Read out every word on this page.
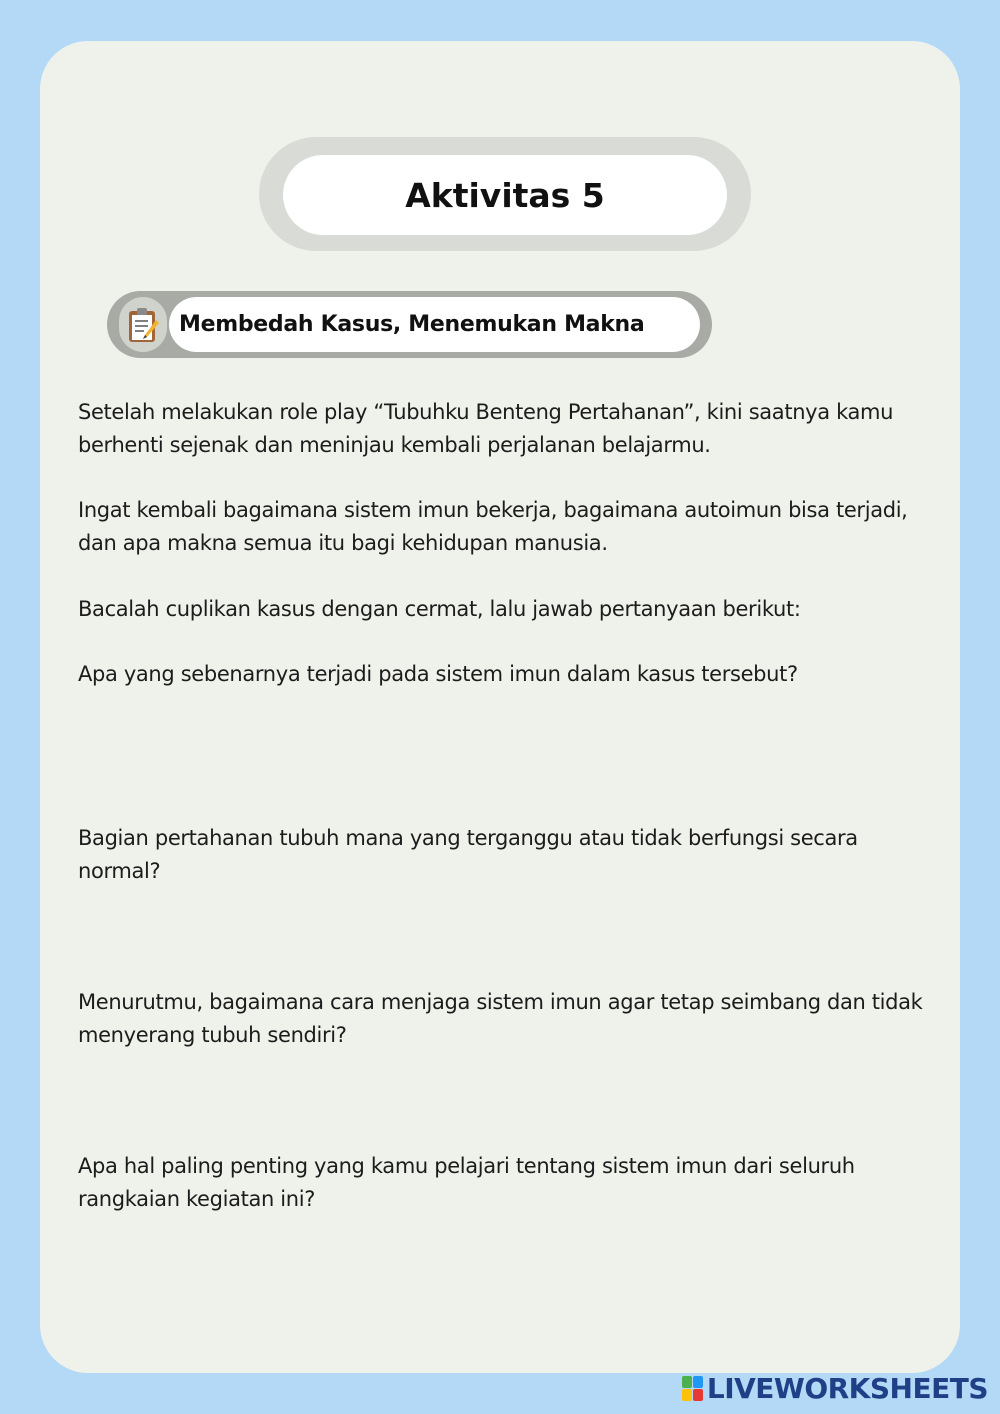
Aktivitas 5
Membedah Kasus, Menemukan Makna

Setelah melakukan role play “Tubuhku Benteng Pertahanan”, kini saatnya kamu berhenti sejenak dan meninjau kembali perjalanan belajarmu.

Ingat kembali bagaimana sistem imun bekerja, bagaimana autoimun bisa terjadi, dan apa makna semua itu bagi kehidupan manusia.

Bacalah cuplikan kasus dengan cermat, lalu jawab pertanyaan berikut:

Apa yang sebenarnya terjadi pada sistem imun dalam kasus tersebut?

Bagian pertahanan tubuh mana yang terganggu atau tidak berfungsi secara normal?

Menurutmu, bagaimana cara menjaga sistem imun agar tetap seimbang dan tidak menyerang tubuh sendiri?

Apa hal paling penting yang kamu pelajari tentang sistem imun dari seluruh rangkaian kegiatan ini?

LIVEWORKSHEETS
